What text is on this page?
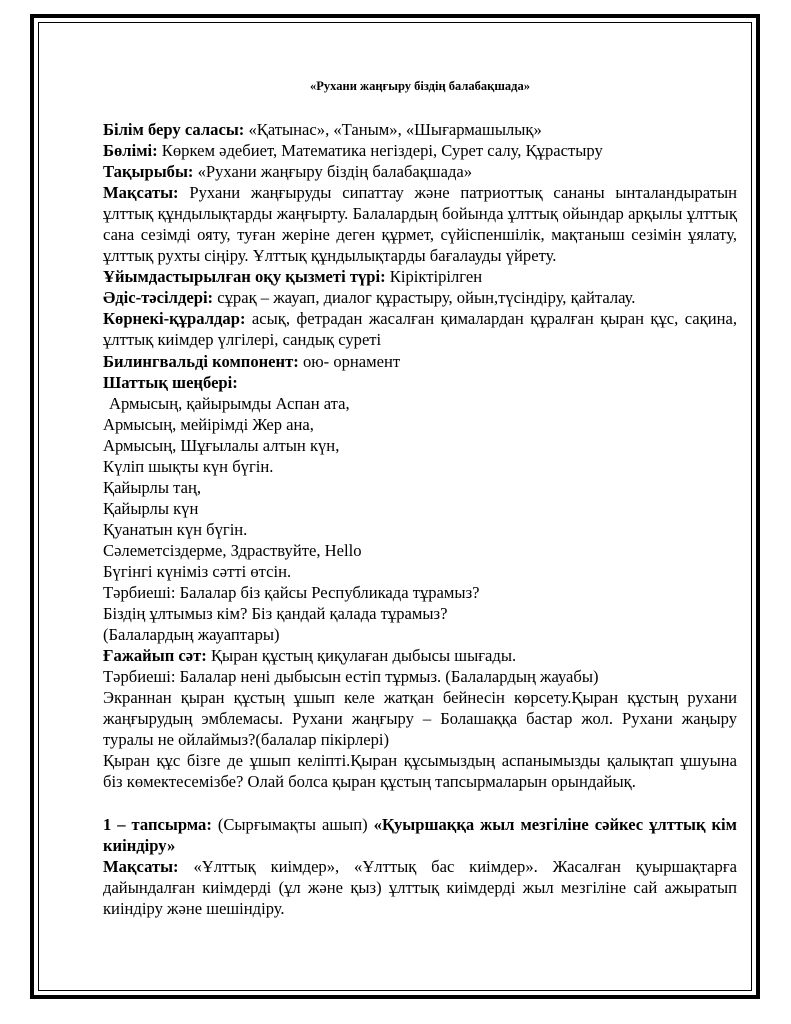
«Рухани жаңғыру біздің балабақшада»

Білім беру саласы: «Қатынас», «Таным», «Шығармашылық»

Бөлімі: Көркем әдебиет, Математика негіздері, Сурет салу, Құрастыру

Тақырыбы: «Рухани жаңғыру біздің балабақшада»

Мақсаты: Рухани жаңғыруды сипаттау және патриоттық сананы ынталандыратын ұлттық құндылықтарды жаңғырту. Балалардың бойында ұлттық ойындар арқылы ұлттық сана сезімді ояту, туған жеріне деген құрмет, сүйіспеншілік, мақтаныш сезімін ұялату, ұлттық рухты сіңіру. Ұлттық құндылықтарды бағалауды үйрету.

Ұйымдастырылған оқу қызметі түрі: Кіріктірілген

Әдіс-тәсілдері: сұрақ – жауап, диалог құрастыру, ойын,түсіндіру, қайталау.

Көрнекі-құралдар: асық, фетрадан жасалған қималардан құралған қыран құс, сақина, ұлттық киімдер үлгілері, сандық суреті

Билингвальді компонент: ою- орнамент

Шаттық шеңбері:

Армысың, қайырымды Аспан ата,

Армысың, мейірімді Жер ана,

Армысың, Шұғылалы алтын күн,

Күліп шықты күн бүгін.

Қайырлы таң,

Қайырлы күн

Қуанатын күн бүгін.

Сәлеметсіздерме, Здраствуйте, Hello

Бүгінгі күніміз сәтті өтсін.

Тәрбиеші: Балалар біз қайсы Республикада тұрамыз?

Біздің ұлтымыз кім? Біз қандай қалада тұрамыз?

(Балалардың жауаптары)

Ғажайып сәт: Қыран құстың қиқулаған дыбысы шығады.

Тәрбиеші: Балалар нені дыбысын естіп тұрмыз. (Балалардың жауабы)

Экраннан қыран құстың ұшып келе жатқан бейнесін көрсету.Қыран құстың рухани жаңғырудың эмблемасы. Рухани жаңғыру – Болашаққа бастар жол. Рухани жаңыру туралы не ойлаймыз?(балалар пікірлері)

Қыран құс бізге де ұшып келіпті.Қыран құсымыздың аспанымызды қалықтап ұшуына біз көмектесемізбе? Олай болса қыран құстың тапсырмаларын орындайық.

1 – тапсырма: (Сырғымақты ашып) «Қуыршаққа жыл мезгіліне сәйкес ұлттық кім киіндіру»

Мақсаты: «Ұлттық киімдер», «Ұлттық бас киімдер». Жасалған қуыршақтарға дайындалған киімдерді (ұл және қыз) ұлттық киімдерді жыл мезгіліне сай ажыратып киіндіру және шешіндіру.
